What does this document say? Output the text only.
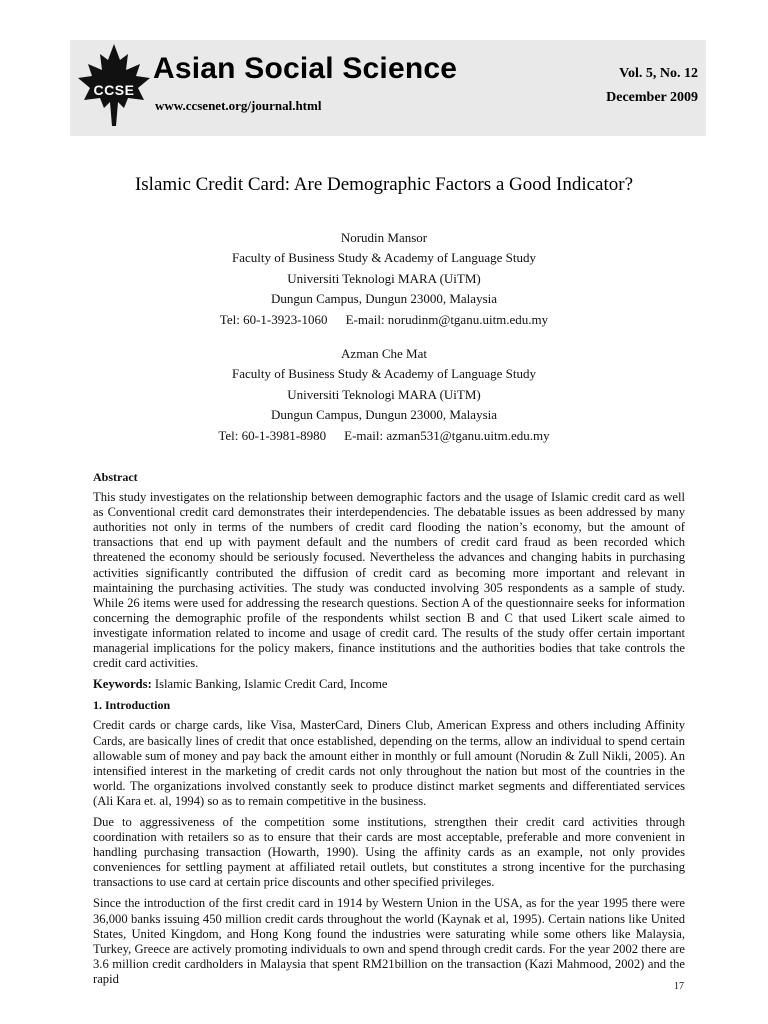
CCSE
Asian Social Science
www.ccsenet.org/journal.html
Vol. 5, No. 12
December 2009
Islamic Credit Card: Are Demographic Factors a Good Indicator?
Norudin Mansor
Faculty of Business Study & Academy of Language Study
Universiti Teknologi MARA (UiTM)
Dungun Campus, Dungun 23000, Malaysia
Tel: 60-1-3923-1060 E-mail: norudinm@tganu.uitm.edu.my
Azman Che Mat
Faculty of Business Study & Academy of Language Study
Universiti Teknologi MARA (UiTM)
Dungun Campus, Dungun 23000, Malaysia
Tel: 60-1-3981-8980 E-mail: azman531@tganu.uitm.edu.my
Abstract

This study investigates on the relationship between demographic factors and the usage of Islamic credit card as well as Conventional credit card demonstrates their interdependencies. The debatable issues as been addressed by many authorities not only in terms of the numbers of credit card flooding the nation’s economy, but the amount of transactions that end up with payment default and the numbers of credit card fraud as been recorded which threatened the economy should be seriously focused. Nevertheless the advances and changing habits in purchasing activities significantly contributed the diffusion of credit card as becoming more important and relevant in maintaining the purchasing activities. The study was conducted involving 305 respondents as a sample of study. While 26 items were used for addressing the research questions. Section A of the questionnaire seeks for information concerning the demographic profile of the respondents whilst section B and C that used Likert scale aimed to investigate information related to income and usage of credit card. The results of the study offer certain important managerial implications for the policy makers, finance institutions and the authorities bodies that take controls the credit card activities.

Keywords: Islamic Banking, Islamic Credit Card, Income

1. Introduction

Credit cards or charge cards, like Visa, MasterCard, Diners Club, American Express and others including Affinity Cards, are basically lines of credit that once established, depending on the terms, allow an individual to spend certain allowable sum of money and pay back the amount either in monthly or full amount (Norudin & Zull Nikli, 2005). An intensified interest in the marketing of credit cards not only throughout the nation but most of the countries in the world. The organizations involved constantly seek to produce distinct market segments and differentiated services (Ali Kara et. al, 1994) so as to remain competitive in the business.

Due to aggressiveness of the competition some institutions, strengthen their credit card activities through coordination with retailers so as to ensure that their cards are most acceptable, preferable and more convenient in handling purchasing transaction (Howarth, 1990). Using the affinity cards as an example, not only provides conveniences for settling payment at affiliated retail outlets, but constitutes a strong incentive for the purchasing transactions to use card at certain price discounts and other specified privileges.

Since the introduction of the first credit card in 1914 by Western Union in the USA, as for the year 1995 there were 36,000 banks issuing 450 million credit cards throughout the world (Kaynak et al, 1995). Certain nations like United States, United Kingdom, and Hong Kong found the industries were saturating while some others like Malaysia, Turkey, Greece are actively promoting individuals to own and spend through credit cards. For the year 2002 there are 3.6 million credit cardholders in Malaysia that spent RM21billion on the transaction (Kazi Mahmood, 2002) and the rapid

17
